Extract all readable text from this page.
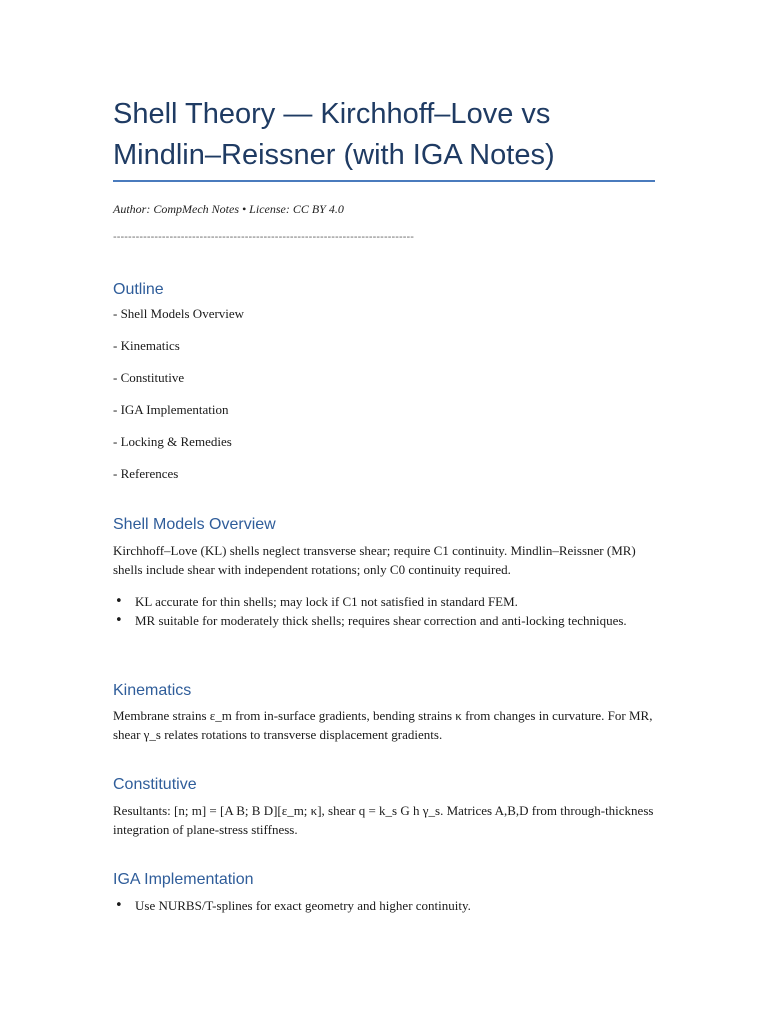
Shell Theory — Kirchhoff–Love vs Mindlin–Reissner (with IGA Notes)
Author: CompMech Notes • License: CC BY 4.0
--------------------------------------------------------------------------------
Outline
- Shell Models Overview
- Kinematics
- Constitutive
- IGA Implementation
- Locking & Remedies
- References
Shell Models Overview

Kirchhoff–Love (KL) shells neglect transverse shear; require C1 continuity. Mindlin–Reissner (MR) shells include shear with independent rotations; only C0 continuity required.

• KL accurate for thin shells; may lock if C1 not satisfied in standard FEM.
• MR suitable for moderately thick shells; requires shear correction and anti-locking techniques.
Kinematics

Membrane strains ε_m from in-surface gradients, bending strains κ from changes in curvature. For MR, shear γ_s relates rotations to transverse displacement gradients.

Constitutive

Resultants: [n; m] = [A B; B D][ε_m; κ], shear q = k_s G h γ_s. Matrices A,B,D from through-thickness integration of plane-stress stiffness.

IGA Implementation
• Use NURBS/T-splines for exact geometry and higher continuity.
